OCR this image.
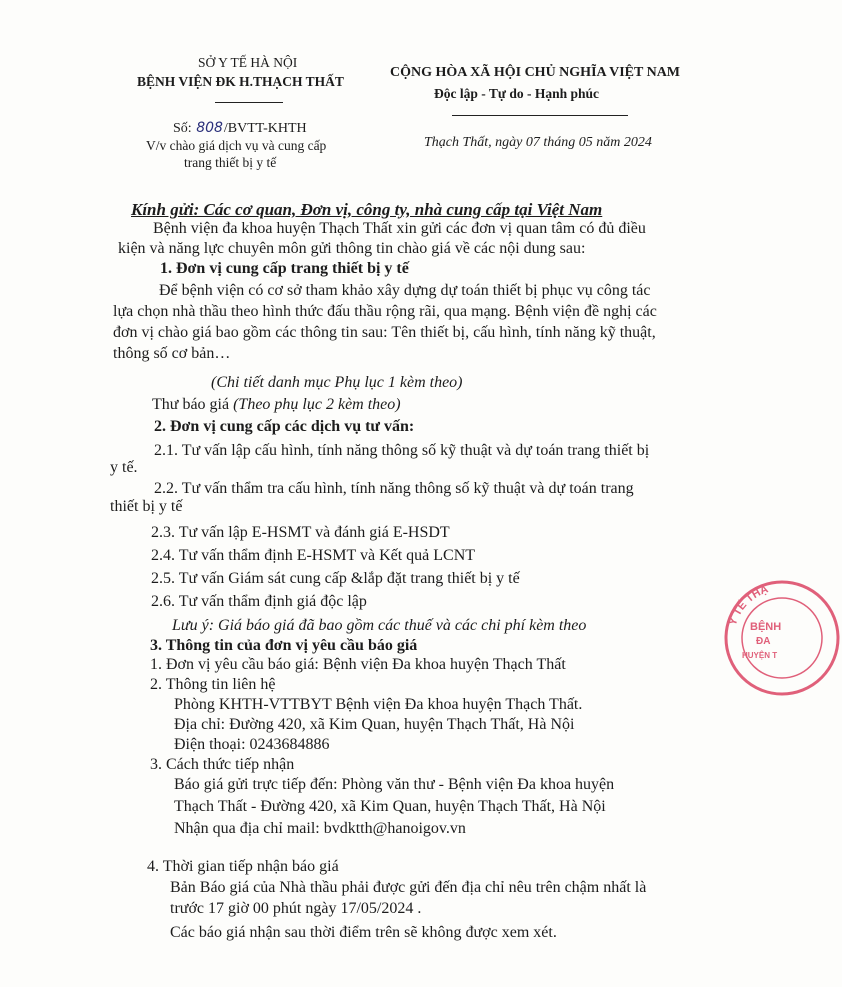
SỞ Y TẾ HÀ NỘI
BỆNH VIỆN ĐK H.THẠCH THẤT
CỘNG HÒA XÃ HỘI CHỦ NGHĨA VIỆT NAM
Độc lập - Tự do - Hạnh phúc
Số: 808/BVTT-KHTH
V/v chào giá dịch vụ và cung cấp
trang thiết bị y tế
Thạch Thất, ngày 07 tháng 05 năm 2024
Kính gửi: Các cơ quan, Đơn vị, công ty, nhà cung cấp tại Việt Nam
Bệnh viện đa khoa huyện Thạch Thất xin gửi các đơn vị quan tâm có đủ điều
kiện và năng lực chuyên môn gửi thông tin chào giá về các nội dung sau:
1. Đơn vị cung cấp trang thiết bị y tế
Để bệnh viện có cơ sở tham khảo xây dựng dự toán thiết bị phục vụ công tác
lựa chọn nhà thầu theo hình thức đấu thầu rộng rãi, qua mạng. Bệnh viện đề nghị các
đơn vị chào giá bao gồm các thông tin sau: Tên thiết bị, cấu hình, tính năng kỹ thuật,
thông số cơ bản…
(Chi tiết danh mục Phụ lục 1 kèm theo)
Thư báo giá (Theo phụ lục 2 kèm theo)
2. Đơn vị cung cấp các dịch vụ tư vấn:
2.1. Tư vấn lập cấu hình, tính năng thông số kỹ thuật và dự toán trang thiết bị
y tế.
2.2. Tư vấn thẩm tra cấu hình, tính năng thông số kỹ thuật và dự toán trang
thiết bị y tế
2.3. Tư vấn lập E-HSMT và đánh giá E-HSDT
2.4. Tư vấn thẩm định E-HSMT và Kết quả LCNT
2.5. Tư vấn Giám sát cung cấp &lắp đặt trang thiết bị y tế
2.6. Tư vấn thẩm định giá độc lập
Lưu ý: Giá báo giá đã bao gồm các thuế và các chi phí kèm theo
3. Thông tin của đơn vị yêu cầu báo giá
1. Đơn vị yêu cầu báo giá: Bệnh viện Đa khoa huyện Thạch Thất
2. Thông tin liên hệ
Phòng KHTH-VTTBYT Bệnh viện Đa khoa huyện Thạch Thất.
Địa chỉ: Đường 420, xã Kim Quan, huyện Thạch Thất, Hà Nội
Điện thoại: 0243684886
3. Cách thức tiếp nhận
Báo giá gửi trực tiếp đến: Phòng văn thư - Bệnh viện Đa khoa huyện
Thạch Thất - Đường 420, xã Kim Quan, huyện Thạch Thất, Hà Nội
Nhận qua địa chỉ mail: bvdktth@hanoigov.vn
4. Thời gian tiếp nhận báo giá
Bản Báo giá của Nhà thầu phải được gửi đến địa chỉ nêu trên chậm nhất là
trước 17 giờ 00 phút ngày 17/05/2024 .
Các báo giá nhận sau thời điểm trên sẽ không được xem xét.
Y TẾ THẠ
BỆNH
ĐA
HUYỆN T
